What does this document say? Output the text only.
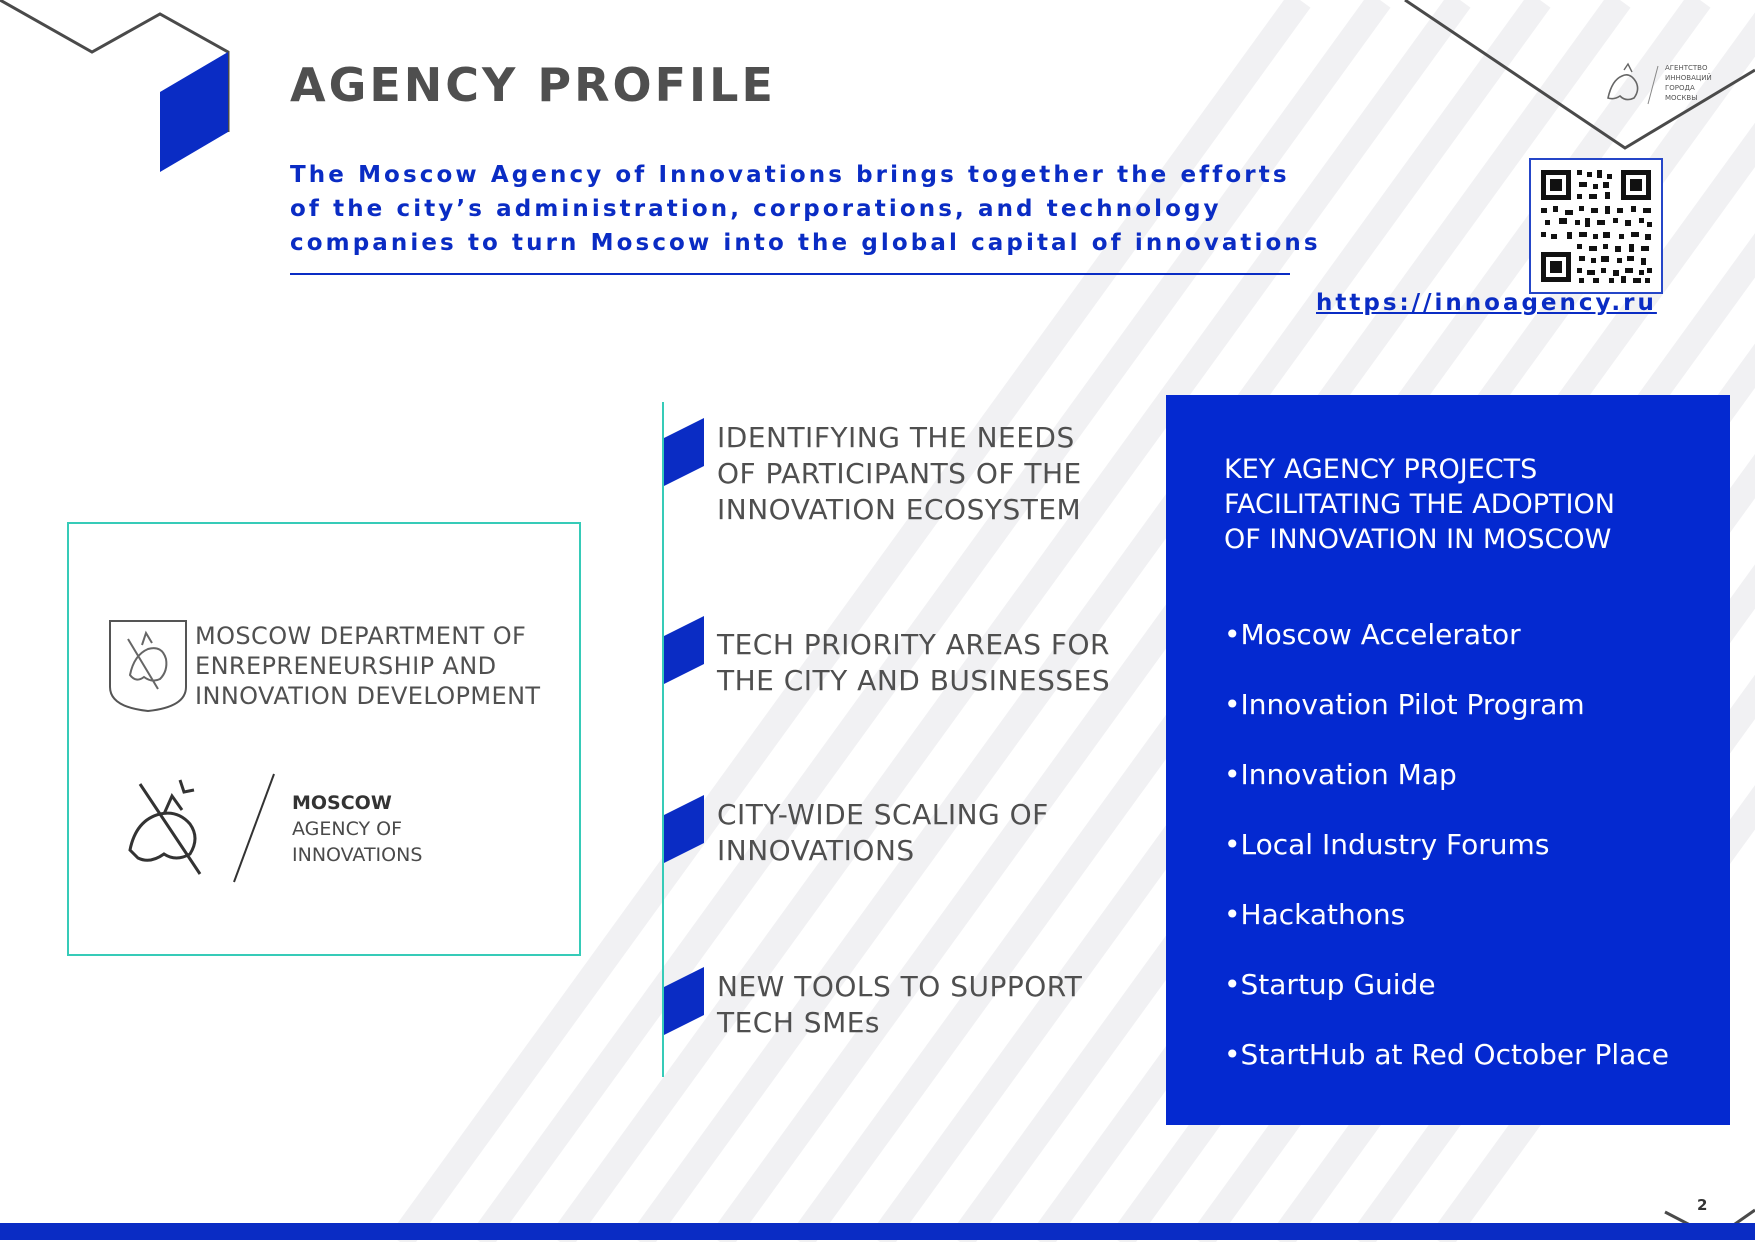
AGENCY PROFILE
The Moscow Agency of Innovations brings together the efforts
of the city’s administration, corporations, and technology
companies to turn Moscow into the global capital of innovations
АГЕНТСТВО
ИННОВАЦИЙ
ГОРОДА
МОСКВЫ
https://innoagency.ru
MOSCOW DEPARTMENT OF
ENREPRENEURSHIP AND
INNOVATION DEVELOPMENT
MOSCOW
AGENCY OF
INNOVATIONS
IDENTIFYING THE NEEDS
OF PARTICIPANTS OF THE
INNOVATION ECOSYSTEM
TECH PRIORITY AREAS FOR
THE CITY AND BUSINESSES
CITY-WIDE SCALING OF
INNOVATIONS
NEW TOOLS TO SUPPORT
TECH SMEs
KEY AGENCY PROJECTS
FACILITATING THE ADOPTION
OF INNOVATION IN MOSCOW
•Moscow Accelerator
•Innovation Pilot Program
•Innovation Map
•Local Industry Forums
•Hackathons
•Startup Guide
•StartHub at Red October Place
2
